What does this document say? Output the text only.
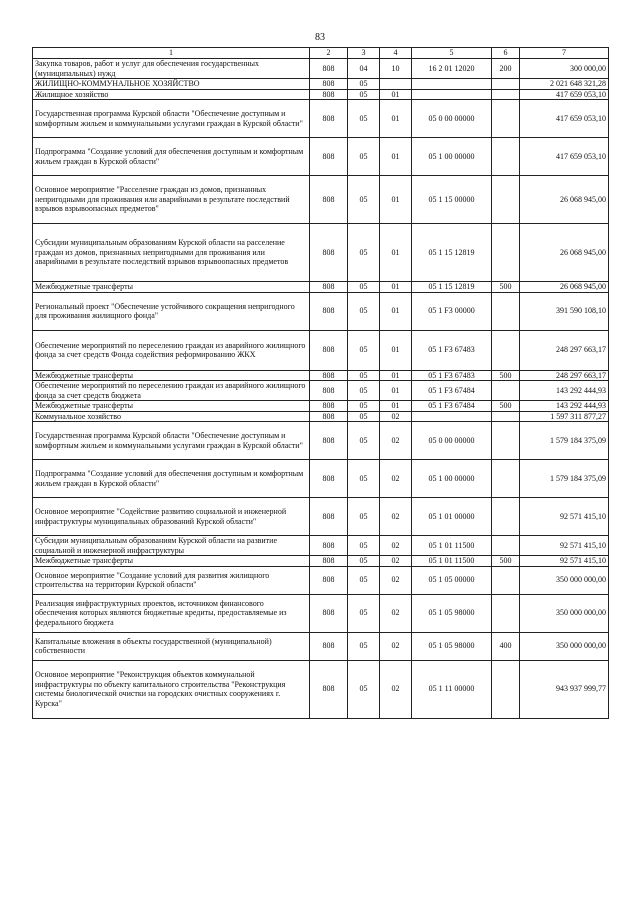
83
1	2	3	4	5	6	7
Закупка товаров, работ и услуг для обеспечения государственных (муниципальных) нужд	808	04	10	16 2 01 12020	200	300 000,00
ЖИЛИЩНО-КОММУНАЛЬНОЕ ХОЗЯЙСТВО	808	05				2 021 648 321,28
Жилищное хозяйство	808	05	01			417 659 053,10
Государственная программа Курской области "Обеспечение доступным и комфортным жильем и коммунальными услугами граждан в Курской области"	808	05	01	05 0 00 00000		417 659 053,10
Подпрограмма "Создание условий для обеспечения доступным и комфортным жильем граждан в Курской области"	808	05	01	05 1 00 00000		417 659 053,10
Основное мероприятие "Расселение граждан из домов, признанных непригодными для проживания или аварийными в результате последствий взрывов взрывоопасных предметов"	808	05	01	05 1 15 00000		26 068 945,00
Субсидии муниципальным образованиям Курской области на расселение граждан из домов, признанных непригодными для проживания или аварийными в результате последствий взрывов взрывоопасных предметов	808	05	01	05 1 15 12819		26 068 945,00
Межбюджетные трансферты	808	05	01	05 1 15 12819	500	26 068 945,00
Региональный проект "Обеспечение устойчивого сокращения непригодного для проживания жилищного фонда"	808	05	01	05 1 F3 00000		391 590 108,10
Обеспечение мероприятий по переселению граждан из аварийного жилищного фонда за счет средств Фонда содействия реформированию ЖКХ	808	05	01	05 1 F3 67483		248 297 663,17
Межбюджетные трансферты	808	05	01	05 1 F3 67483	500	248 297 663,17
Обеспечение мероприятий по переселению граждан из аварийного жилищного фонда за счет средств бюджета	808	05	01	05 1 F3 67484		143 292 444,93
Межбюджетные трансферты	808	05	01	05 1 F3 67484	500	143 292 444,93
Коммунальное хозяйство	808	05	02			1 597 311 877,27
Государственная программа Курской области "Обеспечение доступным и комфортным жильем и коммунальными услугами граждан в Курской области"	808	05	02	05 0 00 00000		1 579 184 375,09
Подпрограмма "Создание условий для обеспечения доступным и комфортным жильем граждан в Курской области"	808	05	02	05 1 00 00000		1 579 184 375,09
Основное мероприятие "Содействие развитию социальной и инженерной инфраструктуры муниципальных образований Курской области"	808	05	02	05 1 01 00000		92 571 415,10
Субсидии муниципальным образованиям Курской области на развитие социальной и инженерной инфраструктуры	808	05	02	05 1 01 11500		92 571 415,10
Межбюджетные трансферты	808	05	02	05 1 01 11500	500	92 571 415,10
Основное мероприятие "Создание условий для развития жилищного строительства на территории Курской области"	808	05	02	05 1 05 00000		350 000 000,00
Реализация инфраструктурных проектов, источником финансового обеспечения которых являются бюджетные кредиты, предоставляемые из федерального бюджета	808	05	02	05 1 05 98000		350 000 000,00
Капитальные вложения в объекты государственной (муниципальной) собственности	808	05	02	05 1 05 98000	400	350 000 000,00
Основное мероприятие "Реконструкция объектов коммунальной инфраструктуры по объекту капитального строительства "Реконструкция системы биологической очистки на городских очистных сооружениях г. Курска"	808	05	02	05 1 11 00000		943 937 999,77
